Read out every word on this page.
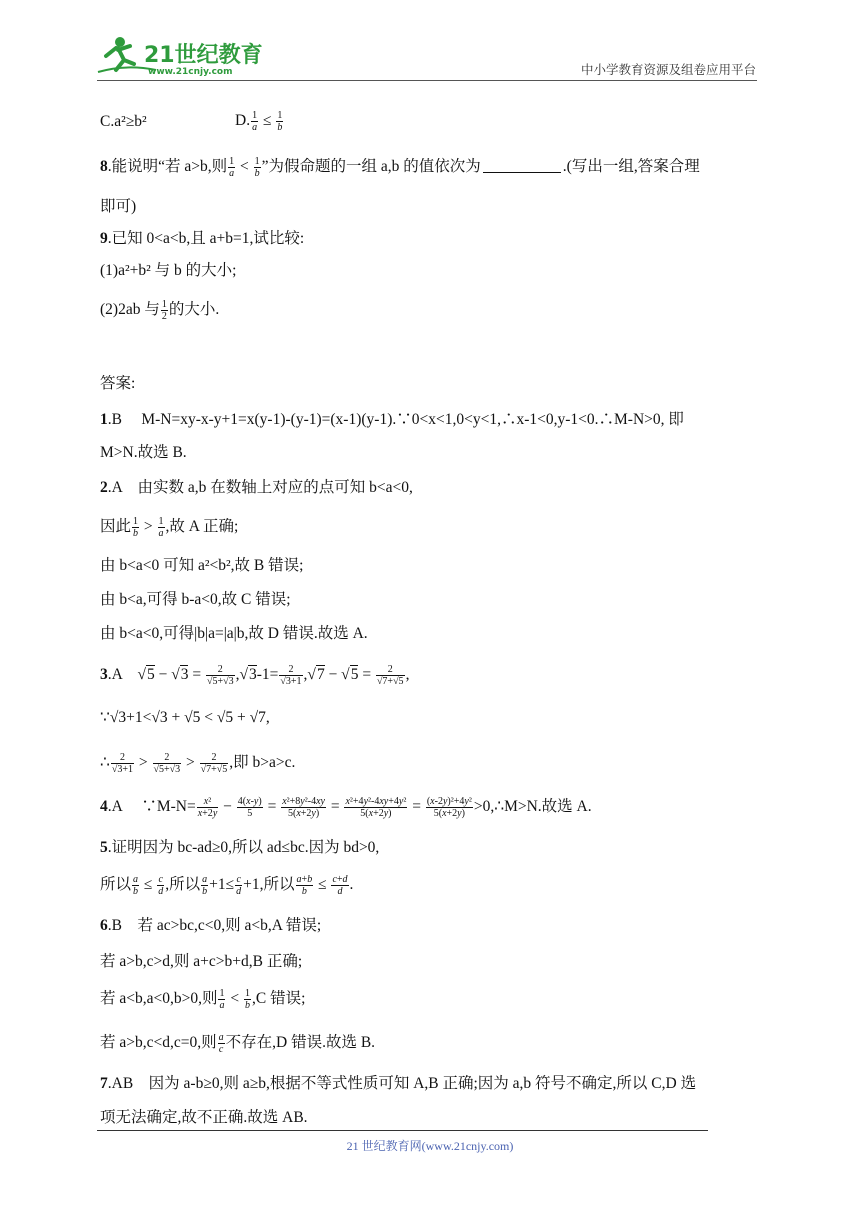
21世纪教育
www.21cnjy.com	中小学教育资源及组卷应用平台
C.a²≥b²	D. $\frac{1}{a} \le \frac{1}{b}$
8.能说明“若 a>b,则 $\frac{1}{a} < \frac{1}{b}$ ”为假命题的一组 a,b 的值依次为	.(写出一组,答案合理
即可)
9.已知 0<a<b,且 a+b=1,试比较:
(1)a²+b² 与 b 的大小;
(2)2ab 与 $\frac{1}{2}$ 的大小.
答案:
1.B　 M-N=xy-x-y+1=x(y-1)-(y-1)=(x-1)(y-1).∵0<x<1,0<y<1,∴x-1<0,y-1<0.∴M-N>0, 即
M>N.故选 B.
2.A　由实数 a,b 在数轴上对应的点可知 b<a<0,
因此 $\frac{1}{b} > \frac{1}{a}$ ,故 A 正确;
由 b<a<0 可知 a²<b²,故 B 错误;
由 b<a,可得 b-a<0,故 C 错误;
由 b<a<0,可得|b|a=|a|b,故 D 错误.故选 A.
3.A　$√5 - √3 = \frac{2}{√5+√3} ,√3-1= \frac{2}{√3+1} ,√7 - √5 = \frac{2}{√7+√5}$ ,
∵√3+1<√3 + √5 < √5 + √7,
∴ $\frac{2}{√3+1} > \frac{2}{√5+√3} > \frac{2}{√7+√5}$ ,即 b>a>c.
4.A　 ∵M-N= $\frac{\text{x²}}{x+2y} - \frac{4(x-y)}{5} = \frac{\text{x²+8y²-4xy}}{5(x+2y)} = \frac{\text{x²+4y²-4xy+4y²}}{5(x+2y)} = \frac{\text{(x-2y)²+4y²}}{5(x+2y)}$ >0,∴M>N.故选 A.
5.证明因为 bc-ad≥0,所以 ad≤bc.因为 bd>0,
所以 $\frac{a}{b} \le \frac{c}{d}$ ,所以 $\frac{a}{b} +1\le \frac{c}{d} +1$,所以 $\frac{a+b}{b} \le \frac{c+d}{d}$ .
6.B　若 ac>bc,c<0,则 a<b,A 错误;
若 a>b,c>d,则 a+c>b+d,B 正确;
若 a<b,a<0,b>0,则 $\frac{1}{a} < \frac{1}{b} ,C$ 错误;
若 a>b,c<d,c=0,则 $\frac{a}{c}$ 不存在,D 错误.故选 B.
7.AB　因为 a-b≥0,则 a≥b,根据不等式性质可知 A,B 正确;因为 a,b 符号不确定,所以 C,D 选
项无法确定,故不正确.故选 AB.
21 世纪教育网(www.21cnjy.com)
